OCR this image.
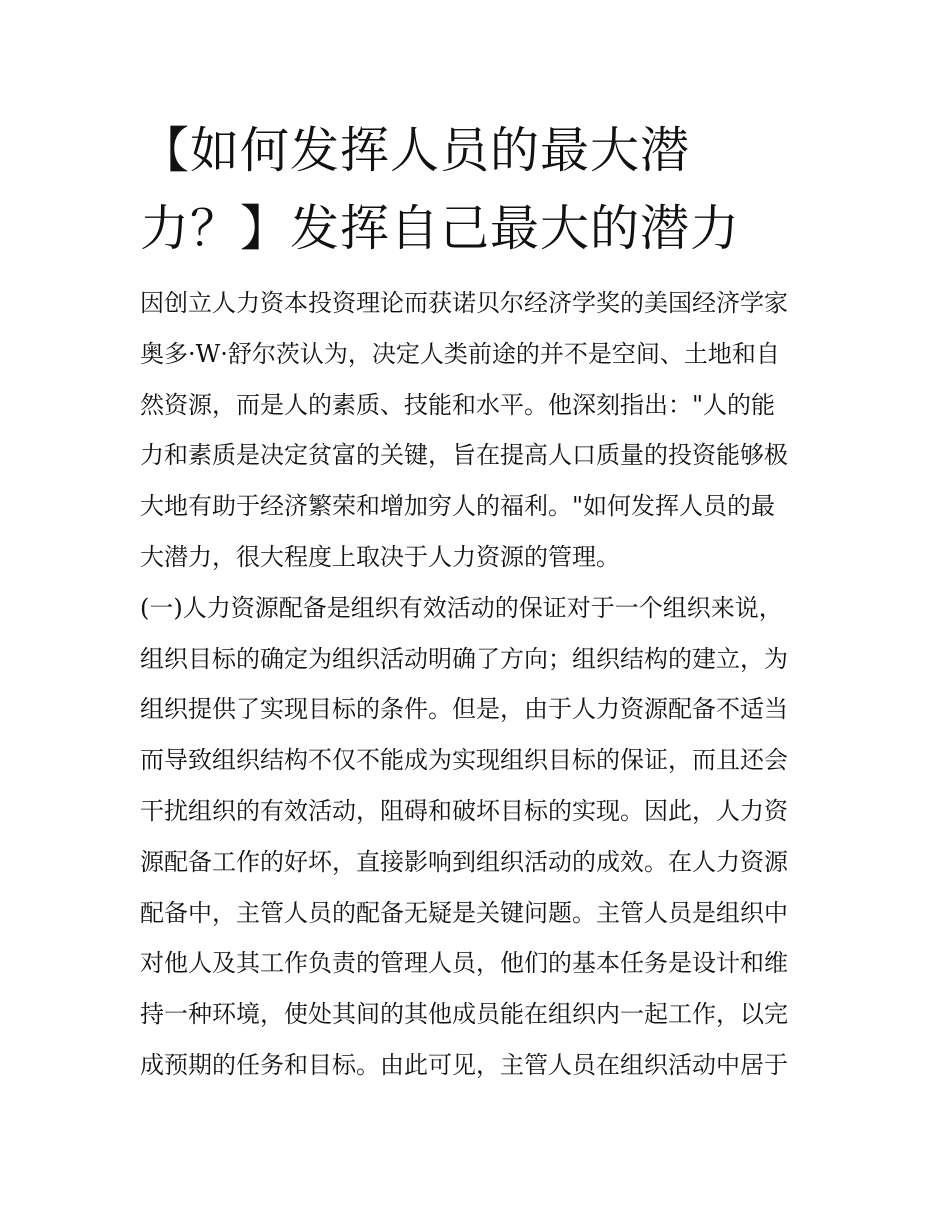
【如何发挥人员的最大潜
力？】发挥自己最大的潜力
因创立人力资本投资理论而获诺贝尔经济学奖的美国经济学家
奥多·W·舒尔茨认为，决定人类前途的并不是空间、土地和自
然资源，而是人的素质、技能和水平。他深刻指出："人的能
力和素质是决定贫富的关键，旨在提高人口质量的投资能够极
大地有助于经济繁荣和增加穷人的福利。"如何发挥人员的最
大潜力，很大程度上取决于人力资源的管理。
(一)人力资源配备是组织有效活动的保证对于一个组织来说，
组织目标的确定为组织活动明确了方向；组织结构的建立，为
组织提供了实现目标的条件。但是，由于人力资源配备不适当
而导致组织结构不仅不能成为实现组织目标的保证，而且还会
干扰组织的有效活动，阻碍和破坏目标的实现。因此，人力资
源配备工作的好坏，直接影响到组织活动的成效。在人力资源
配备中，主管人员的配备无疑是关键问题。主管人员是组织中
对他人及其工作负责的管理人员，他们的基本任务是设计和维
持一种环境，使处其间的其他成员能在组织内一起工作，以完
成预期的任务和目标。由此可见，主管人员在组织活动中居于
